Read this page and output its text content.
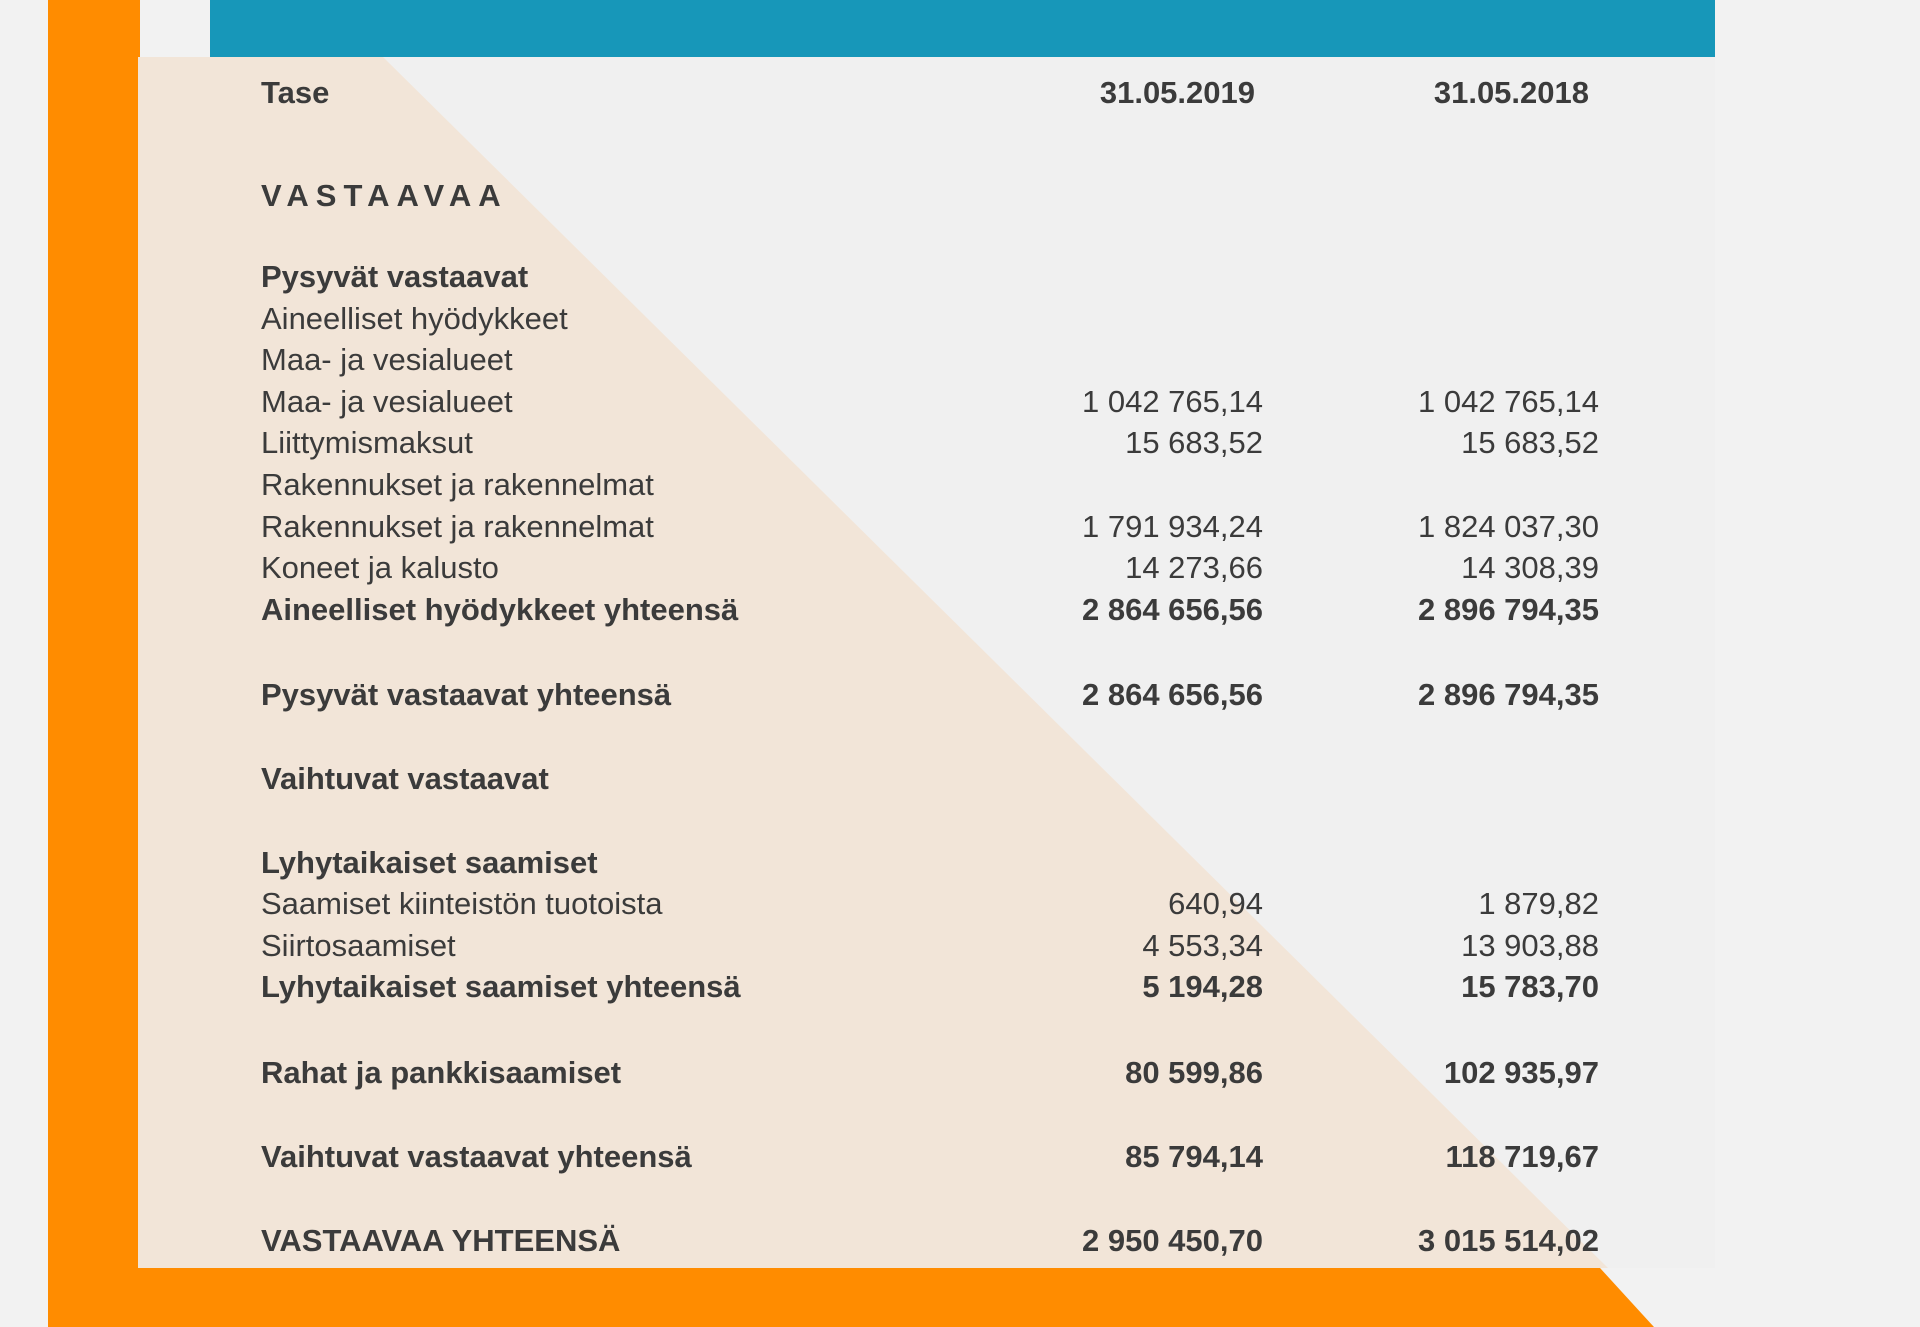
Tase	31.05.2019	31.05.2018
VASTAAVAA
Pysyvät vastaavat
Aineelliset hyödykkeet
Maa- ja vesialueet
Maa- ja vesialueet	1 042 765,14	1 042 765,14
Liittymismaksut	15 683,52	15 683,52
Rakennukset ja rakennelmat
Rakennukset ja rakennelmat	1 791 934,24	1 824 037,30
Koneet ja kalusto	14 273,66	14 308,39
Aineelliset hyödykkeet yhteensä	2 864 656,56	2 896 794,35
Pysyvät vastaavat yhteensä	2 864 656,56	2 896 794,35
Vaihtuvat vastaavat
Lyhytaikaiset saamiset
Saamiset kiinteistön tuotoista	640,94	1 879,82
Siirtosaamiset	4 553,34	13 903,88
Lyhytaikaiset saamiset yhteensä	5 194,28	15 783,70
Rahat ja pankkisaamiset	80 599,86	102 935,97
Vaihtuvat vastaavat yhteensä	85 794,14	118 719,67
VASTAAVAA YHTEENSÄ	2 950 450,70	3 015 514,02
